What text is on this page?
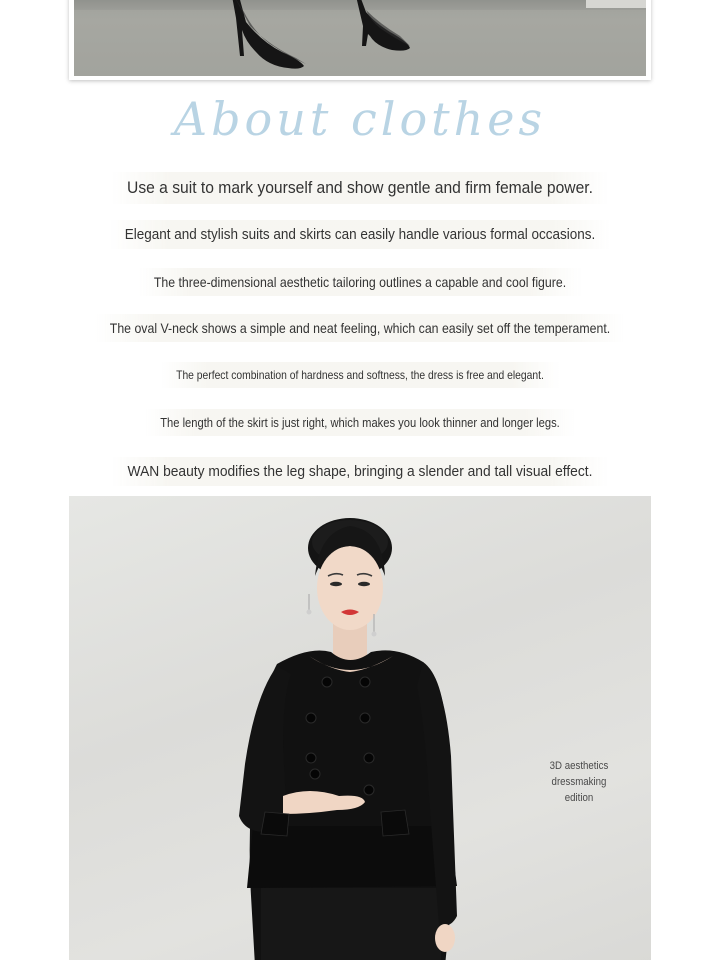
About clothes
Use a suit to mark yourself and show gentle and firm female power.
Elegant and stylish suits and skirts can easily handle various formal occasions.
The three-dimensional aesthetic tailoring outlines a capable and cool figure.
The oval V-neck shows a simple and neat feeling, which can easily set off the temperament.
The perfect combination of hardness and softness, the dress is free and elegant.
The length of the skirt is just right, which makes you look thinner and longer legs.
WAN beauty modifies the leg shape, bringing a slender and tall visual effect.
3D aesthetics
dressmaking
edition
